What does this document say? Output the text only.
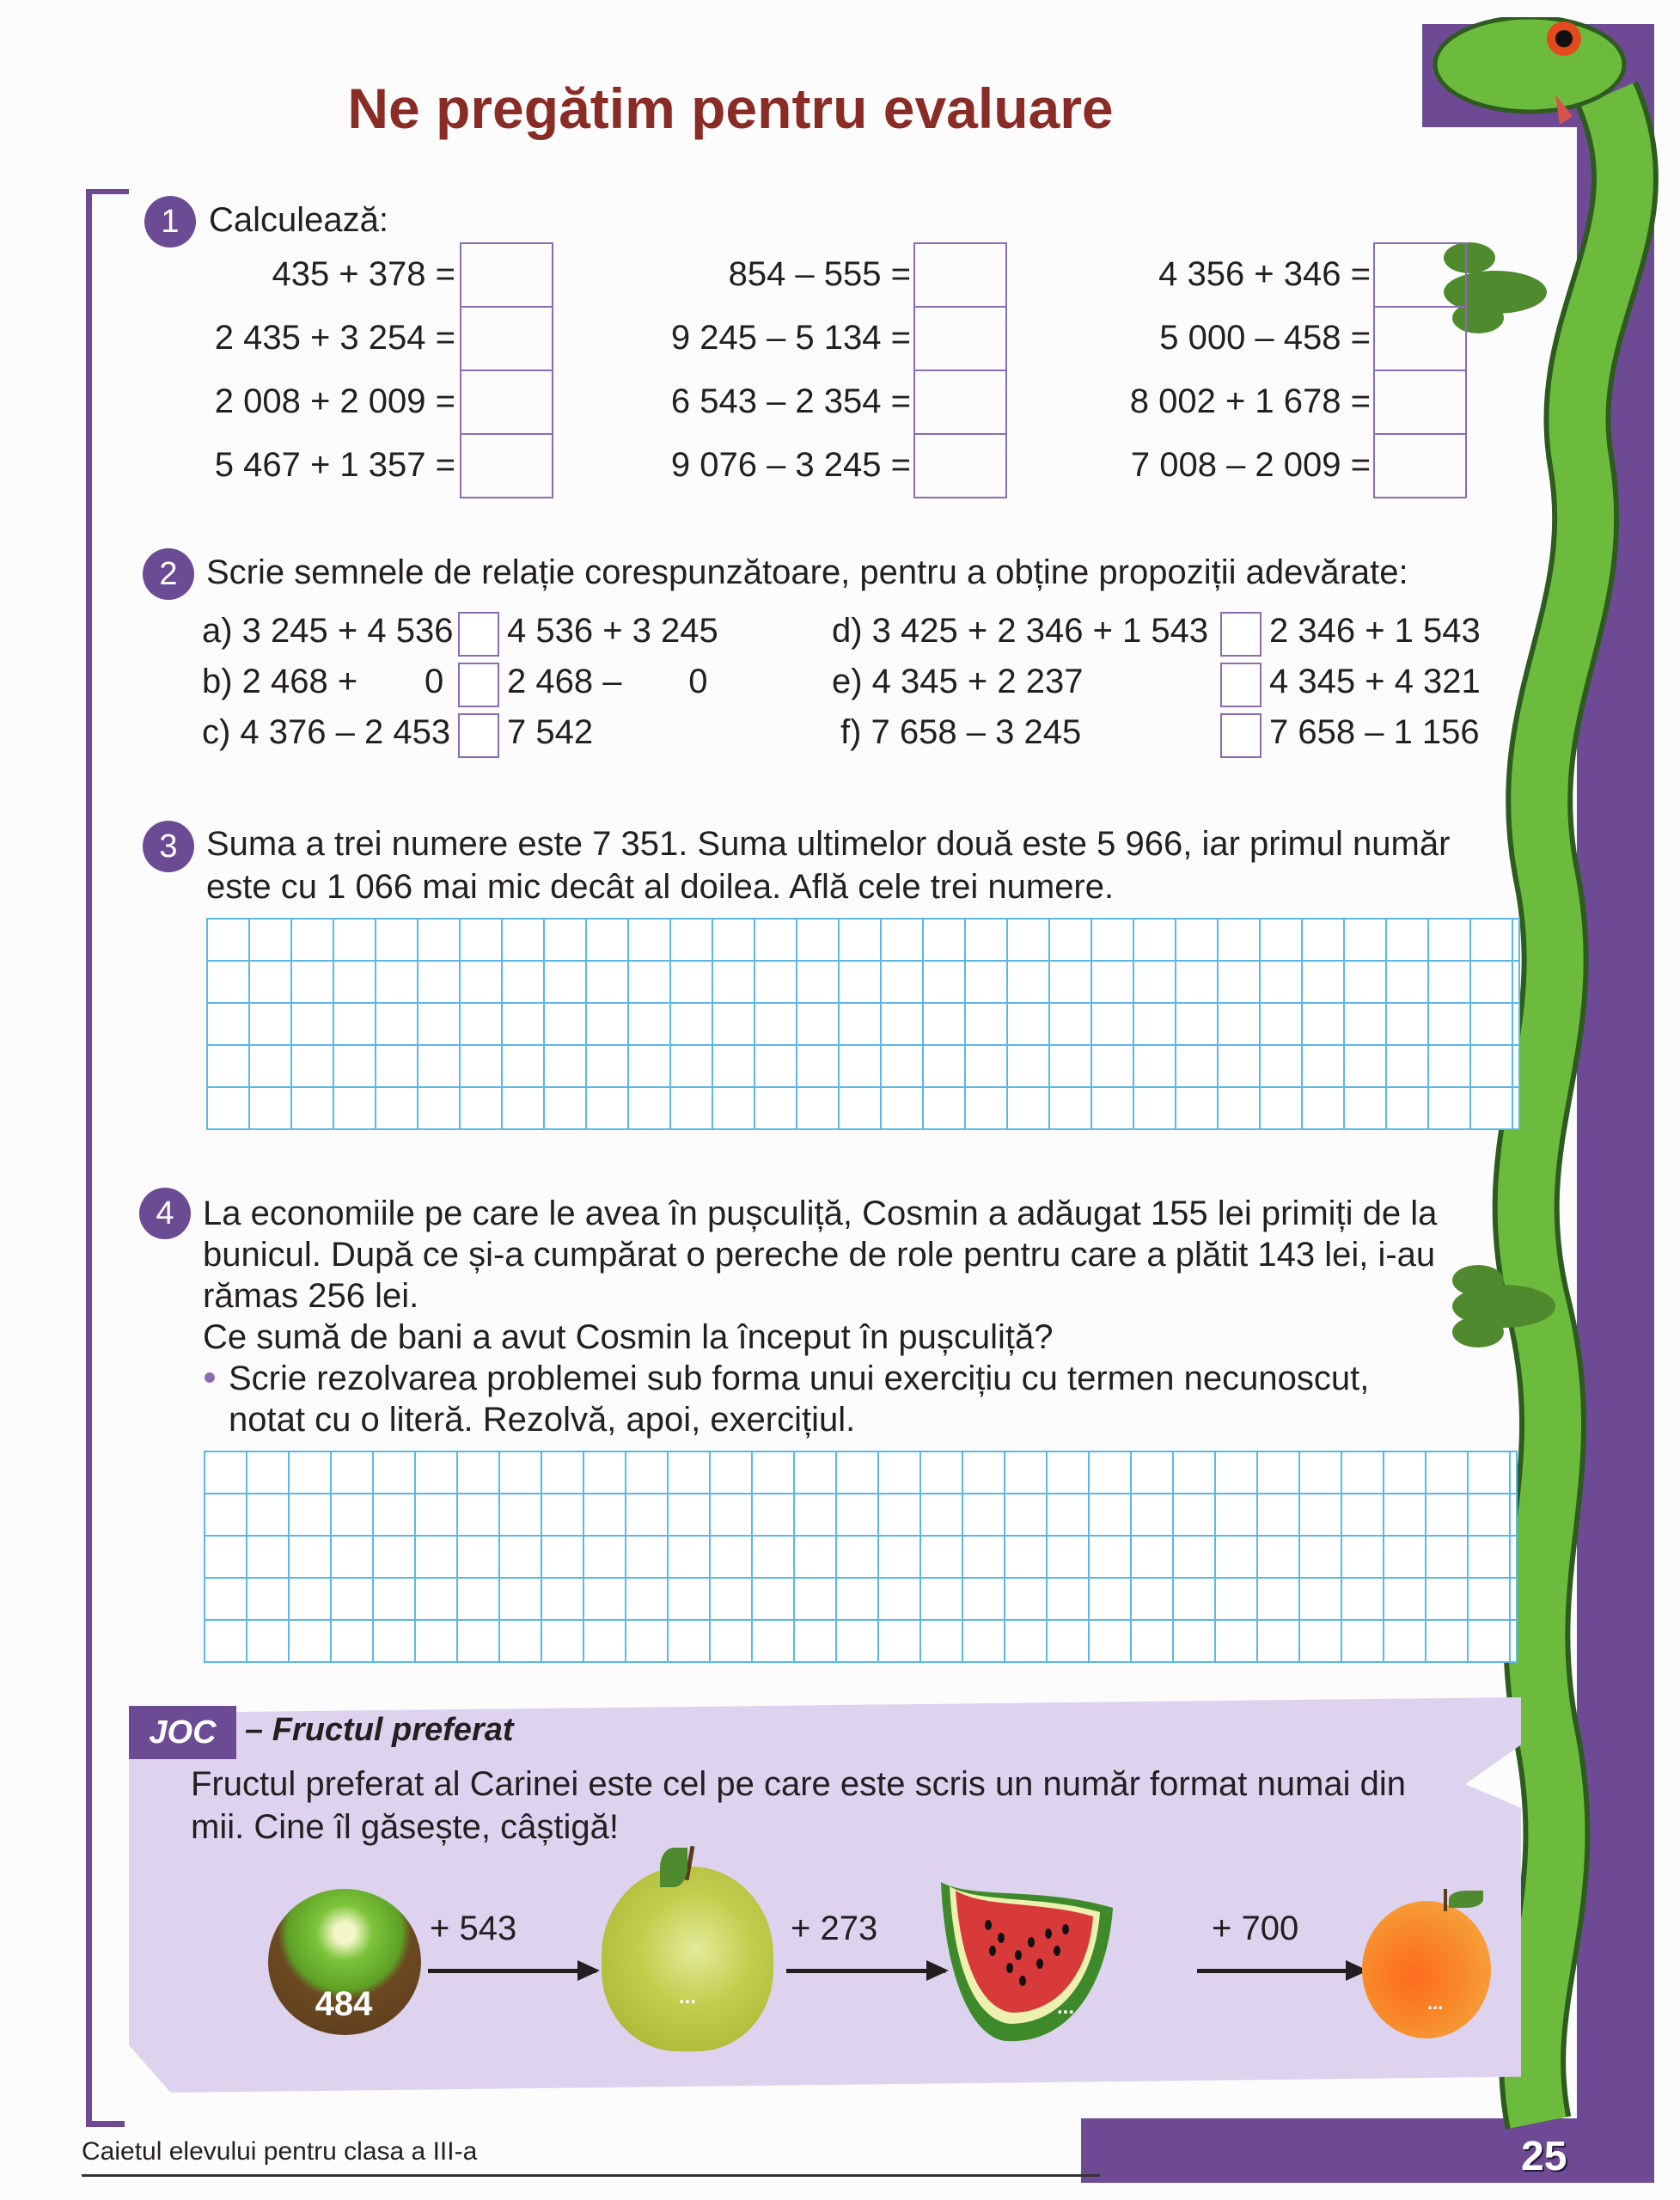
Ne pregătim pentru evaluare
1 Calculează:
435 + 378 =
2 435 + 3 254 =
2 008 + 2 009 =
5 467 + 1 357 =
854 – 555 =
9 245 – 5 134 =
6 543 – 2 354 =
9 076 – 3 245 =
4 356 + 346 =
5 000 – 458 =
8 002 + 1 678 =
7 008 – 2 009 =
2 Scrie semnele de relație corespunzătoare, pentru a obține propoziții adevărate:
a) 3 245 + 4 536 4 536 + 3 245
b) 2 468 +       0 2 468 –       0
c) 4 376 – 2 453 7 542
d) 3 425 + 2 346 + 1 543 2 346 + 1 543
e) 4 345 + 2 237	4 345 + 4 321
f) 7 658 – 3 245	7 658 – 1 156
3 Suma a trei numere este 7 351. Suma ultimelor două este 5 966, iar primul număr
este cu 1 066 mai mic decât al doilea. Află cele trei numere.
4 La economiile pe care le avea în pușculiță, Cosmin a adăugat 155 lei primiți de la
bunicul. După ce și-a cumpărat o pereche de role pentru care a plătit 143 lei, i-au
rămas 256 lei.
Ce sumă de bani a avut Cosmin la început în pușculiță?
Scrie rezolvarea problemei sub forma unui exercițiu cu termen necunoscut,
notat cu o literă. Rezolvă, apoi, exercițiul.
JOC – Fructul preferat
Fructul preferat al Carinei este cel pe care este scris un număr format numai din
mii. Cine îl găsește, câștigă!
484
+ 543
...
+ 273
...
+ 700
...
Caietul elevului pentru clasa a III-a	25
